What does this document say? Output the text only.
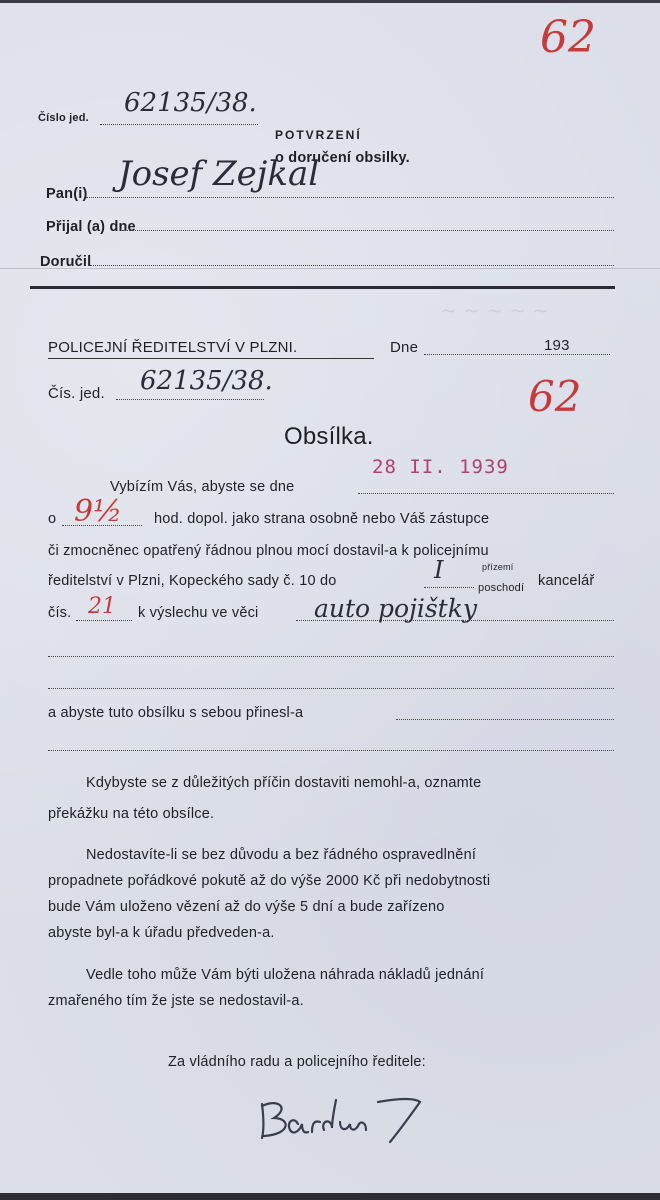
~ ~ ~ ~ ~
62
Číslo jed. 62135/38.
POTVRZENÍ
o doručení obsilky.
Pan(i) Josef Zejkal
Přijal (a) dne
Doručil
POLICEJNÍ ŘEDITELSTVÍ V PLZNI.	Dne	193
Čís. jed. 62135/38.	62
Obsílka.
Vybízím Vás, abyste se dne
28 II. 1939
o 9½ hod. dopol. jako strana osobně nebo Váš zástupce
či zmocněnec opatřený řádnou plnou mocí dostavil-a k policejnímu
ředitelství v Plzni, Kopeckého sady č. 10 do	I	přízemí
poschodí kancelář
čís. 21 k výslechu ve věci auto pojištky
a abyste tuto obsílku s sebou přinesl-a
Kdybyste se z důležitých příčin dostaviti nemohl-a, oznamte
překážku na této obsílce.
Nedostavíte-li se bez důvodu a bez řádného ospravedlnění
propadnete pořádkové pokutě až do výše 2000 Kč při nedobytnosti
bude Vám uloženo vězení až do výše 5 dní a bude zařízeno
abyste byl-a k úřadu předveden-a.
Vedle toho může Vám býti uložena náhrada nákladů jednání
zmařeného tím že jste se nedostavil-a.
Za vládního radu a policejního ředitele:
